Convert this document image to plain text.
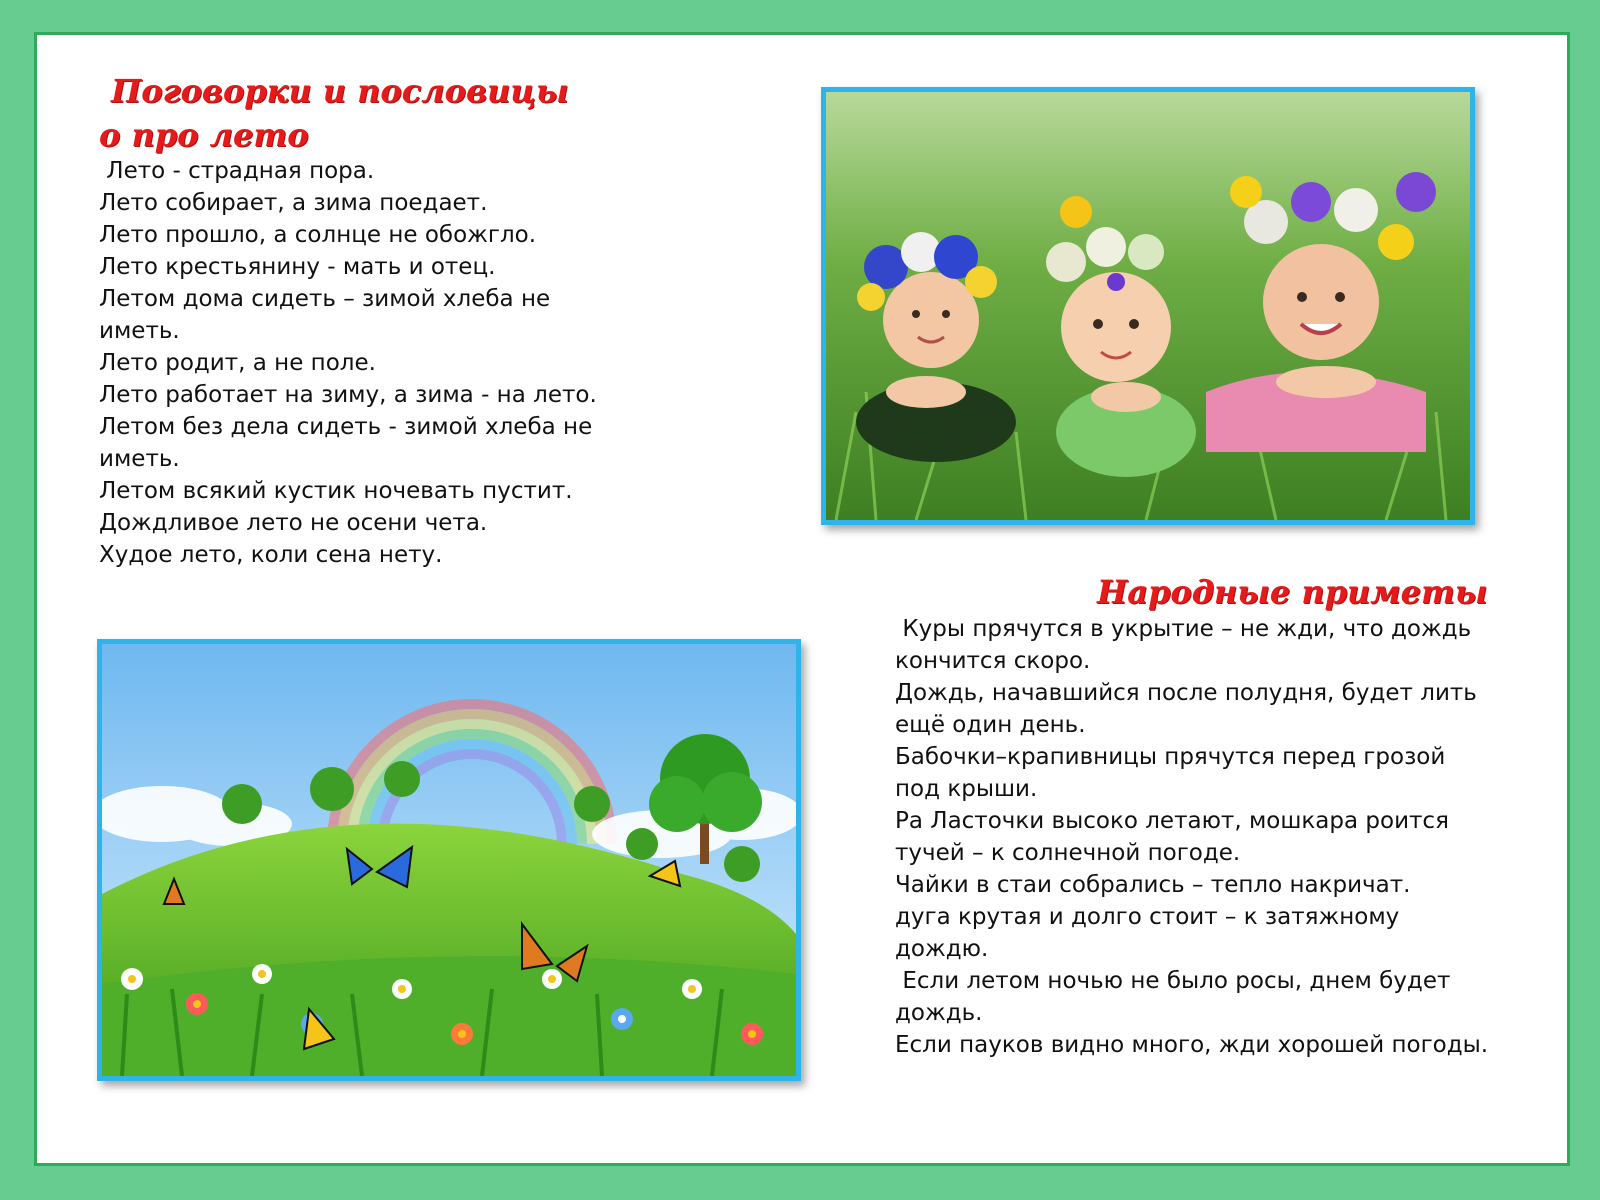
Поговорки и пословицы
о про лето
Лето - страдная пора.
Лето собирает, а зима поедает.
Лето прошло, а солнце не обожгло.
Лето крестьянину - мать и отец.
Летом дома сидеть – зимой хлеба не иметь.
Лето родит, а не поле.
Лето работает на зиму, а зима - на лето.
Летом без дела сидеть - зимой хлеба не иметь.
Летом всякий кустик ночевать пустит.
Дождливое лето не осени чета.
Худое лето, коли сена нету.
Народные приметы
Куры прячутся в укрытие – не жди, что дождь кончится скоро.
Дождь, начавшийся после полудня, будет лить ещё один день.
Бабочки–крапивницы прячутся перед грозой под крыши.
Ра Ласточки высоко летают, мошкара роится тучей – к солнечной погоде.
Чайки в стаи собрались – тепло накричат.
дуга крутая и долго стоит – к затяжному дождю.
Если летом ночью не было росы, днем будет дождь.
Если пауков видно много, жди хорошей погоды.
